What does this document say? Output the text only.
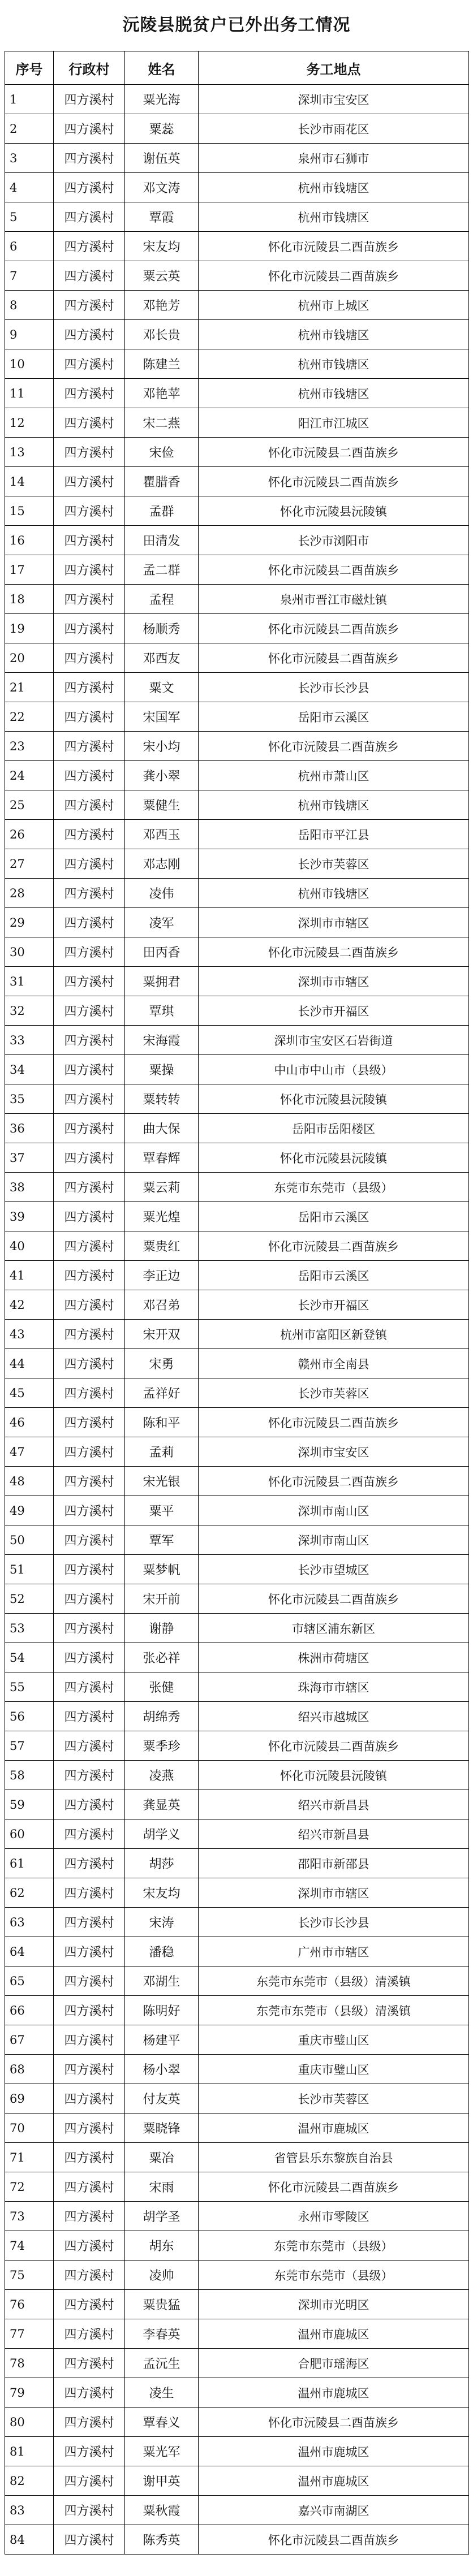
沅陵县脱贫户已外出务工情况
序号	行政村	姓名	务工地点
1	四方溪村	粟光海	深圳市宝安区
2	四方溪村	粟蕊	长沙市雨花区
3	四方溪村	谢伍英	泉州市石狮市
4	四方溪村	邓文涛	杭州市钱塘区
5	四方溪村	覃霞	杭州市钱塘区
6	四方溪村	宋友均	怀化市沅陵县二酉苗族乡
7	四方溪村	粟云英	怀化市沅陵县二酉苗族乡
8	四方溪村	邓艳芳	杭州市上城区
9	四方溪村	邓长贵	杭州市钱塘区
10	四方溪村	陈建兰	杭州市钱塘区
11	四方溪村	邓艳苹	杭州市钱塘区
12	四方溪村	宋二燕	阳江市江城区
13	四方溪村	宋俭	怀化市沅陵县二酉苗族乡
14	四方溪村	瞿腊香	怀化市沅陵县二酉苗族乡
15	四方溪村	孟群	怀化市沅陵县沅陵镇
16	四方溪村	田清发	长沙市浏阳市
17	四方溪村	孟二群	怀化市沅陵县二酉苗族乡
18	四方溪村	孟程	泉州市晋江市磁灶镇
19	四方溪村	杨顺秀	怀化市沅陵县二酉苗族乡
20	四方溪村	邓西友	怀化市沅陵县二酉苗族乡
21	四方溪村	粟文	长沙市长沙县
22	四方溪村	宋国军	岳阳市云溪区
23	四方溪村	宋小均	怀化市沅陵县二酉苗族乡
24	四方溪村	龚小翠	杭州市萧山区
25	四方溪村	粟健生	杭州市钱塘区
26	四方溪村	邓西玉	岳阳市平江县
27	四方溪村	邓志刚	长沙市芙蓉区
28	四方溪村	凌伟	杭州市钱塘区
29	四方溪村	凌军	深圳市市辖区
30	四方溪村	田丙香	怀化市沅陵县二酉苗族乡
31	四方溪村	粟拥君	深圳市市辖区
32	四方溪村	覃琪	长沙市开福区
33	四方溪村	宋海霞	深圳市宝安区石岩街道
34	四方溪村	粟操	中山市中山市（县级）
35	四方溪村	粟转转	怀化市沅陵县沅陵镇
36	四方溪村	曲大保	岳阳市岳阳楼区
37	四方溪村	覃春辉	怀化市沅陵县沅陵镇
38	四方溪村	粟云莉	东莞市东莞市（县级）
39	四方溪村	粟光煌	岳阳市云溪区
40	四方溪村	粟贵红	怀化市沅陵县二酉苗族乡
41	四方溪村	李正边	岳阳市云溪区
42	四方溪村	邓召弟	长沙市开福区
43	四方溪村	宋开双	杭州市富阳区新登镇
44	四方溪村	宋勇	赣州市全南县
45	四方溪村	孟祥好	长沙市芙蓉区
46	四方溪村	陈和平	怀化市沅陵县二酉苗族乡
47	四方溪村	孟莉	深圳市宝安区
48	四方溪村	宋光银	怀化市沅陵县二酉苗族乡
49	四方溪村	粟平	深圳市南山区
50	四方溪村	覃军	深圳市南山区
51	四方溪村	粟梦帆	长沙市望城区
52	四方溪村	宋开前	怀化市沅陵县二酉苗族乡
53	四方溪村	谢静	市辖区浦东新区
54	四方溪村	张必祥	株洲市荷塘区
55	四方溪村	张健	珠海市市辖区
56	四方溪村	胡绵秀	绍兴市越城区
57	四方溪村	粟季珍	怀化市沅陵县二酉苗族乡
58	四方溪村	凌燕	怀化市沅陵县沅陵镇
59	四方溪村	龚显英	绍兴市新昌县
60	四方溪村	胡学义	绍兴市新昌县
61	四方溪村	胡莎	邵阳市新邵县
62	四方溪村	宋友均	深圳市市辖区
63	四方溪村	宋涛	长沙市长沙县
64	四方溪村	潘稳	广州市市辖区
65	四方溪村	邓湖生	东莞市东莞市（县级）清溪镇
66	四方溪村	陈明好	东莞市东莞市（县级）清溪镇
67	四方溪村	杨建平	重庆市璧山区
68	四方溪村	杨小翠	重庆市璧山区
69	四方溪村	付友英	长沙市芙蓉区
70	四方溪村	粟晓锋	温州市鹿城区
71	四方溪村	粟冶	省管县乐东黎族自治县
72	四方溪村	宋雨	怀化市沅陵县二酉苗族乡
73	四方溪村	胡学圣	永州市零陵区
74	四方溪村	胡东	东莞市东莞市（县级）
75	四方溪村	凌帅	东莞市东莞市（县级）
76	四方溪村	粟贵猛	深圳市光明区
77	四方溪村	李春英	温州市鹿城区
78	四方溪村	孟沅生	合肥市瑶海区
79	四方溪村	凌生	温州市鹿城区
80	四方溪村	覃春义	怀化市沅陵县二酉苗族乡
81	四方溪村	粟光军	温州市鹿城区
82	四方溪村	谢甲英	温州市鹿城区
83	四方溪村	粟秋霞	嘉兴市南湖区
84	四方溪村	陈秀英	怀化市沅陵县二酉苗族乡
